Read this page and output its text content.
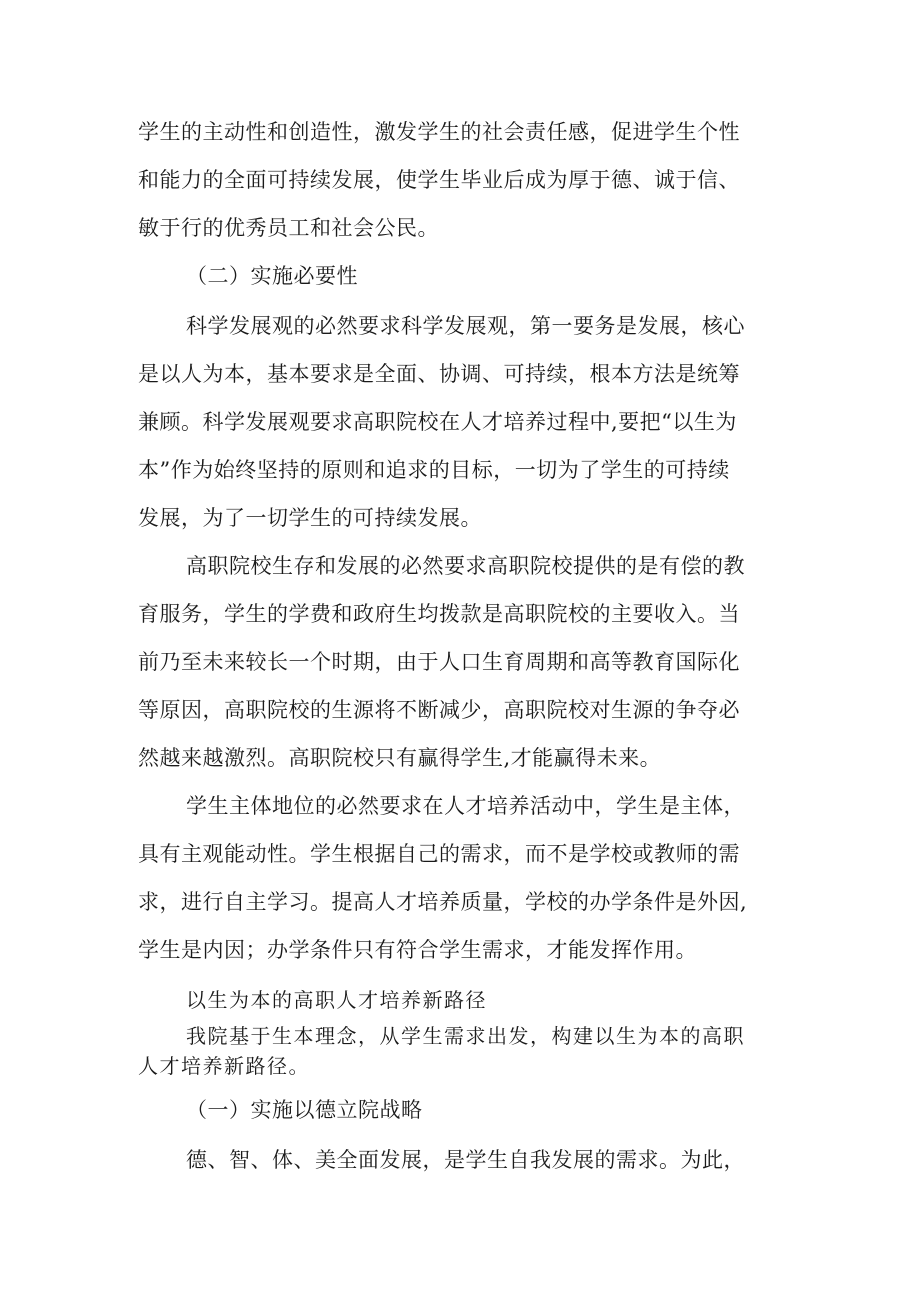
学生的主动性和创造性，激发学生的社会责任感，促进学生个性
和能力的全面可持续发展，使学生毕业后成为厚于德、诚于信、
敏于行的优秀员工和社会公民。
（二）实施必要性
科学发展观的必然要求科学发展观，第一要务是发展，核心
是以人为本，基本要求是全面、协调、可持续，根本方法是统筹
兼顾。科学发展观要求高职院校在人才培养过程中,要把“以生为
本”作为始终坚持的原则和追求的目标，一切为了学生的可持续
发展，为了一切学生的可持续发展。
高职院校生存和发展的必然要求高职院校提供的是有偿的教
育服务，学生的学费和政府生均拨款是高职院校的主要收入。当
前乃至未来较长一个时期，由于人口生育周期和高等教育国际化
等原因，高职院校的生源将不断减少，高职院校对生源的争夺必
然越来越激烈。高职院校只有赢得学生,才能赢得未来。
学生主体地位的必然要求在人才培养活动中，学生是主体，
具有主观能动性。学生根据自己的需求，而不是学校或教师的需
求，进行自主学习。提高人才培养质量，学校的办学条件是外因,
学生是内因；办学条件只有符合学生需求，才能发挥作用。
以生为本的高职人才培养新路径
我院基于生本理念，从学生需求出发，构建以生为本的高职
人才培养新路径。
（一）实施以德立院战略
德、智、体、美全面发展，是学生自我发展的需求。为此，
